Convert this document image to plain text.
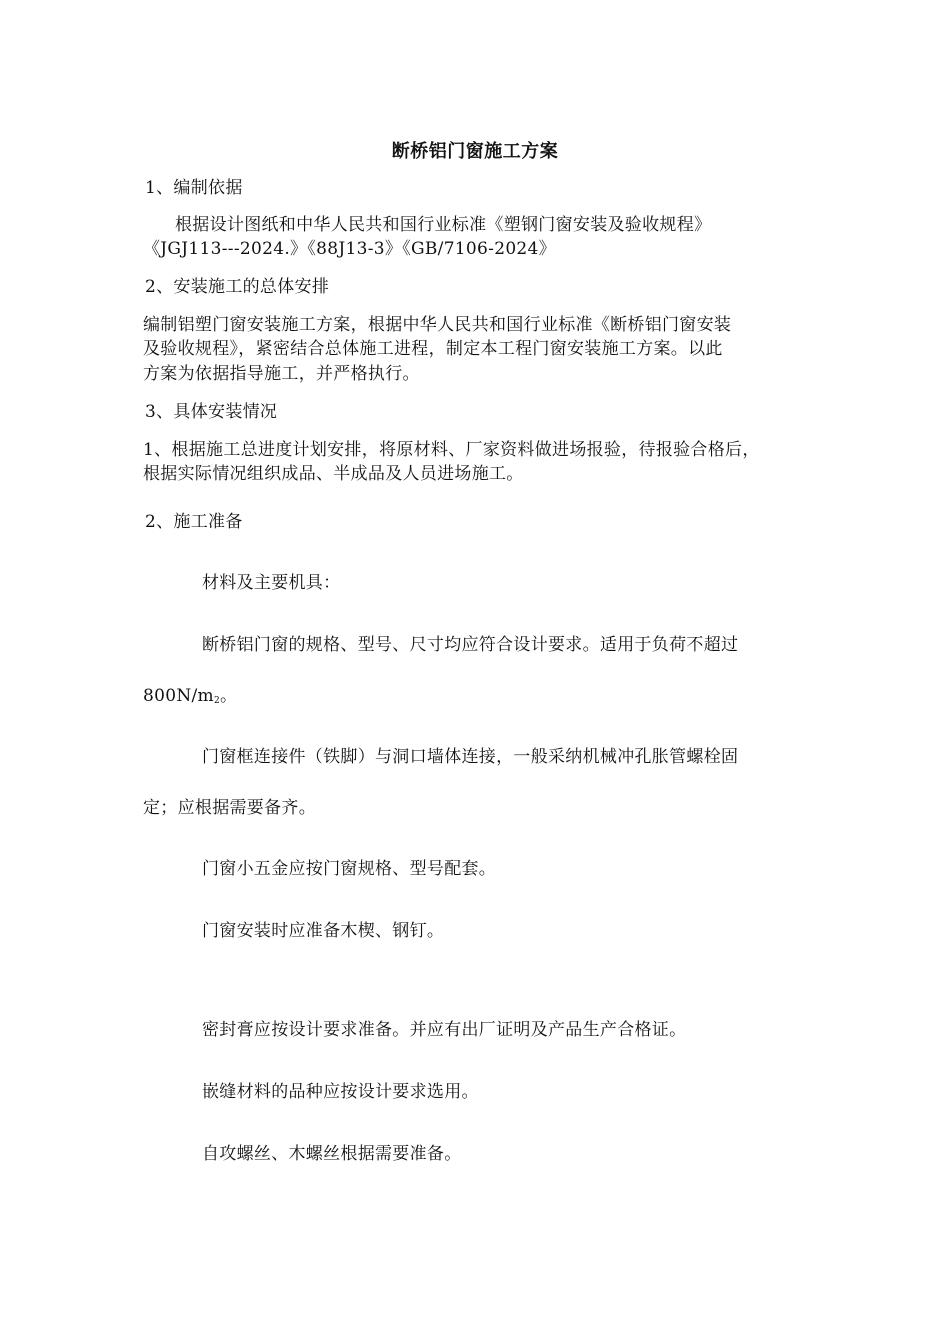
断桥铝门窗施工方案
1、编制依据
根据设计图纸和中华人民共和国行业标准《塑钢门窗安装及验收规程》
《JGJ113---2024.》《88J13-3》《GB/7106-2024》
2、安装施工的总体安排
编制铝塑门窗安装施工方案，根据中华人民共和国行业标准《断桥铝门窗安装
及验收规程》，紧密结合总体施工进程，制定本工程门窗安装施工方案。以此
方案为依据指导施工，并严格执行。
3、具体安装情况
1、根据施工总进度计划安排，将原材料、厂家资料做进场报验，待报验合格后，
根据实际情况组织成品、半成品及人员进场施工。
2、施工准备
材料及主要机具：
断桥铝门窗的规格、型号、尺寸均应符合设计要求。适用于负荷不超过
800N/m2。
门窗框连接件（铁脚）与洞口墙体连接，一般采纳机械冲孔胀管螺栓固
定；应根据需要备齐。
门窗小五金应按门窗规格、型号配套。
门窗安装时应准备木楔、钢钉。
密封膏应按设计要求准备。并应有出厂证明及产品生产合格证。
嵌缝材料的品种应按设计要求选用。
自攻螺丝、木螺丝根据需要准备。
